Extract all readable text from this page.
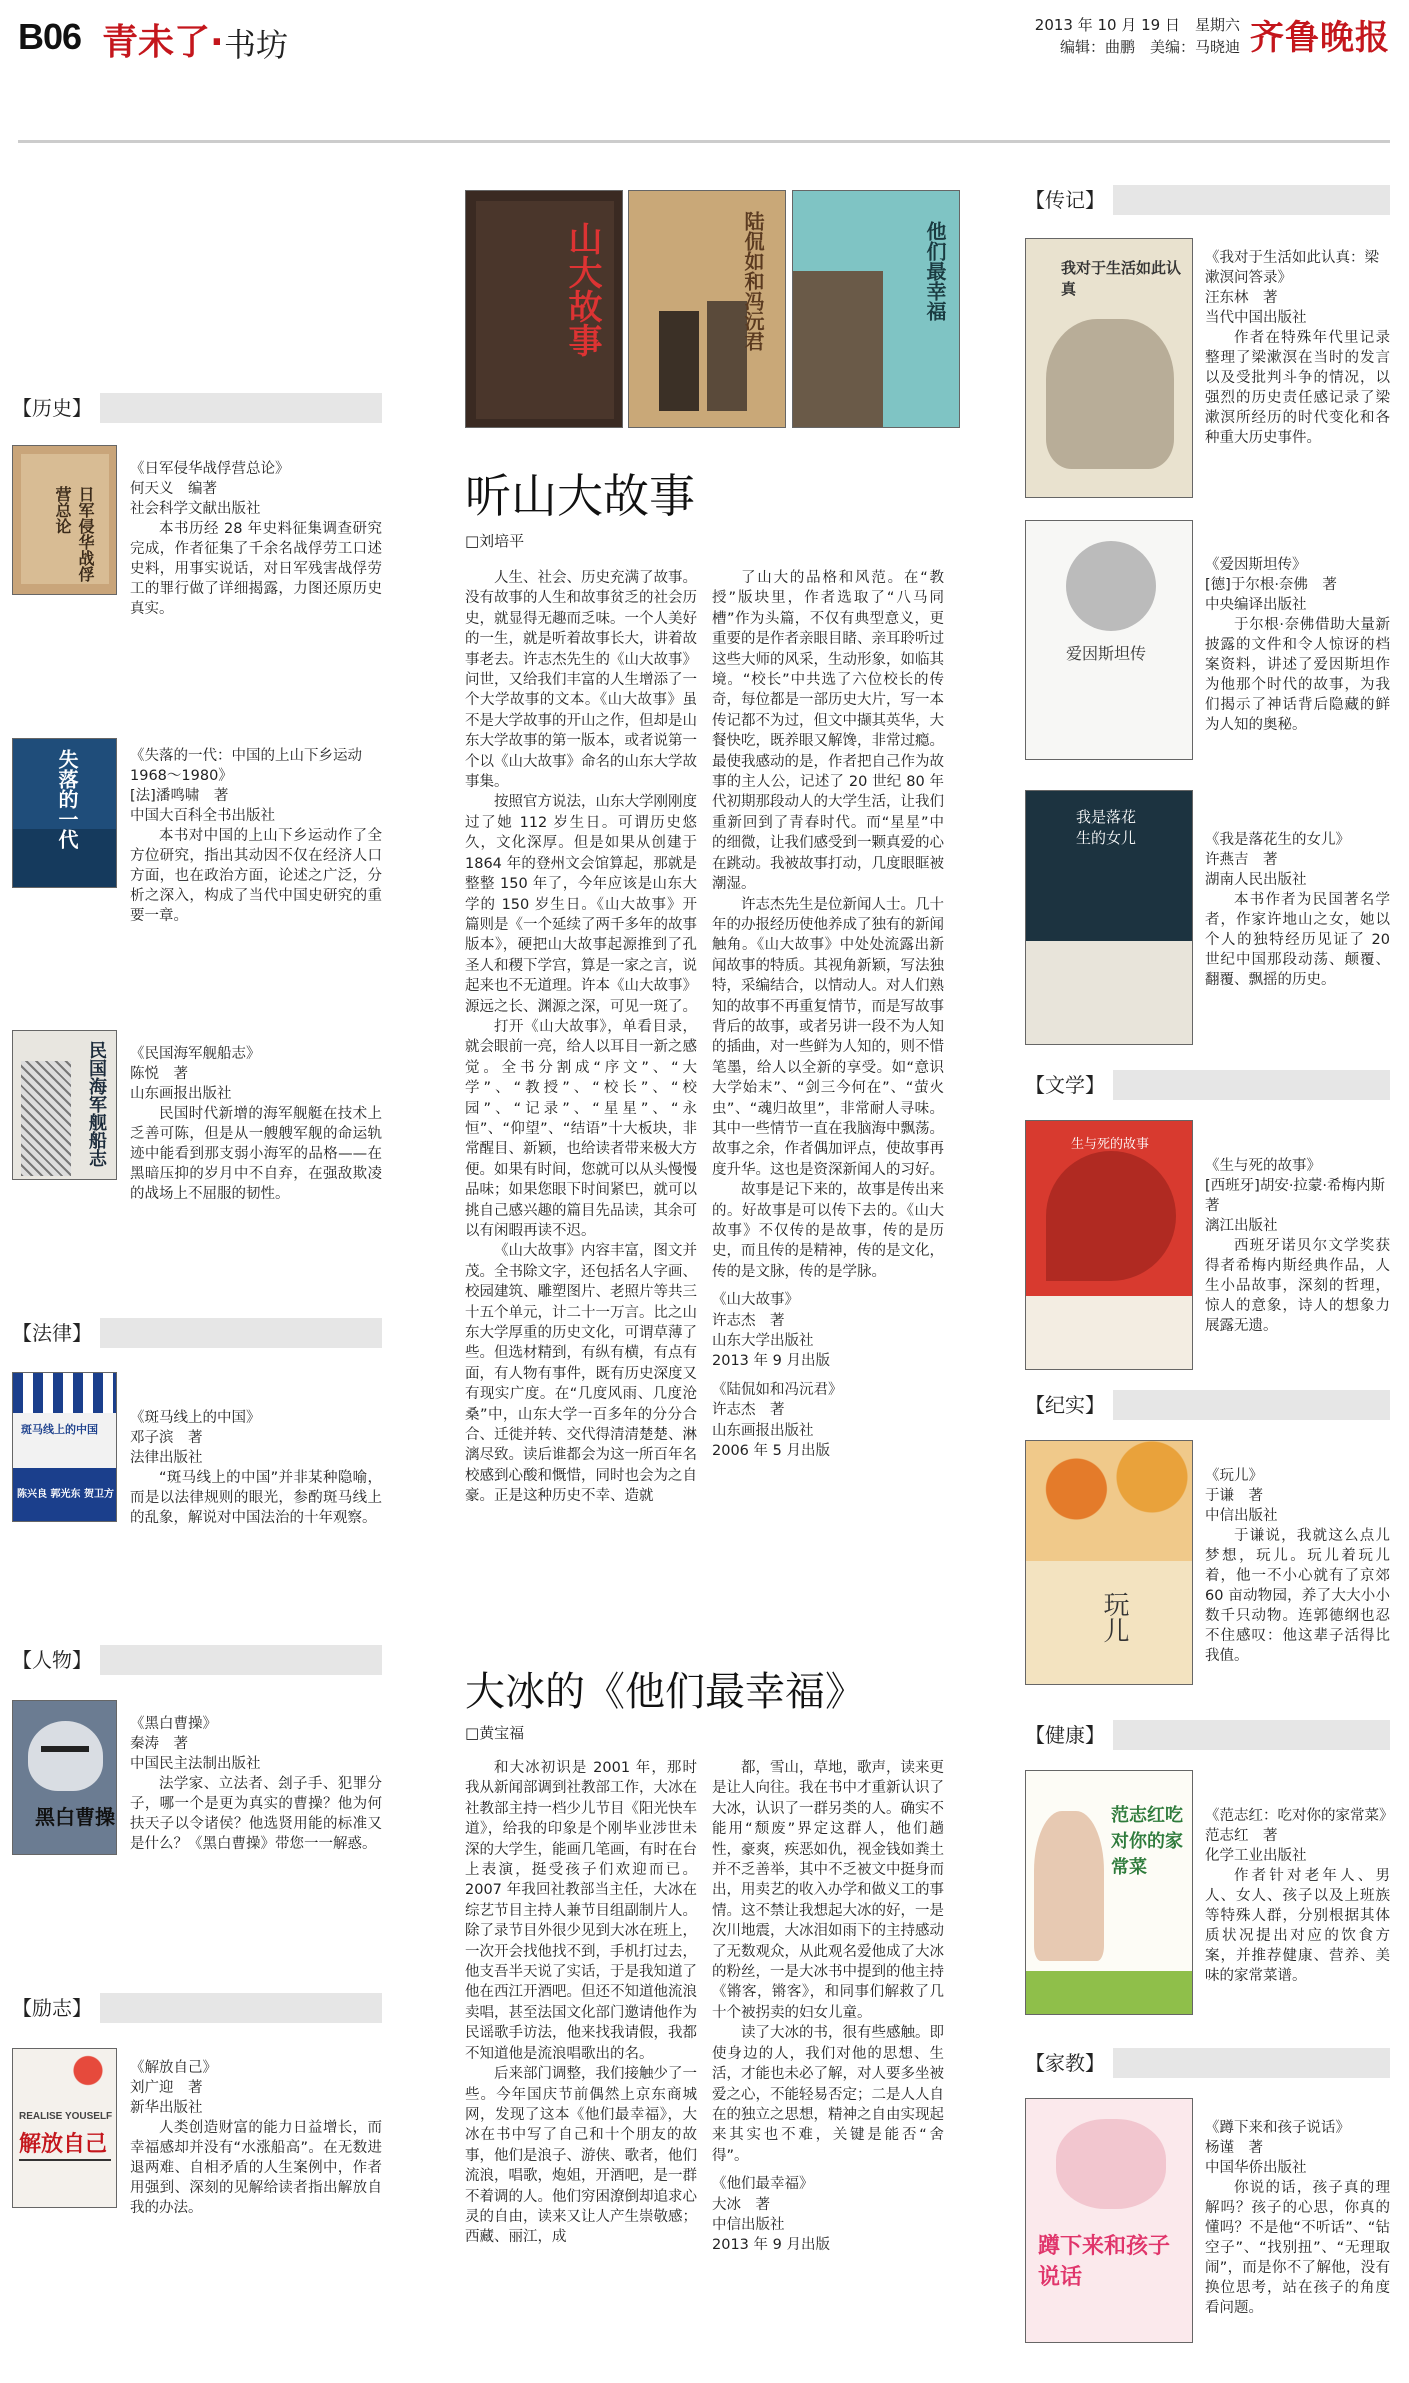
B06 青未了· 书坊
2013 年 10 月 19 日　星期六
编辑：曲鹏　美编：马晓迪 齐鲁晚报
【历史】
日军侵华战俘营总论
《日军侵华战俘营总论》
何天义　编著
社会科学文献出版社
本书历经 28 年史料征集调查研究完成，作者征集了千余名战俘劳工口述史料，用事实说话，对日军残害战俘劳工的罪行做了详细揭露，力图还原历史真实。
失落的一代	《失落的一代：中国的上山下乡运动 1968～1980》
[法]潘鸣啸　著
中国大百科全书出版社
本书对中国的上山下乡运动作了全方位研究，指出其动因不仅在经济人口方面，也在政治方面，论述之广泛，分析之深入，构成了当代中国史研究的重要一章。
民国海军舰船志 《民国海军舰船志》
陈悦　著
山东画报出版社
民国时代新增的海军舰艇在技术上乏善可陈，但是从一艘艘军舰的命运轨迹中能看到那支弱小海军的品格——在黑暗压抑的岁月中不自弃，在强敌欺凌的战场上不屈服的韧性。
【法律】
斑马线上的中国
陈兴良 郭光东 贺卫方
《斑马线上的中国》
邓子滨　著
法律出版社
“斑马线上的中国”并非某种隐喻，而是以法律规则的眼光，参酌斑马线上的乱象，解说对中国法治的十年观察。
【人物】
黑白曹操
《黑白曹操》
秦涛　著
中国民主法制出版社
法学家、立法者、刽子手、犯罪分子，哪一个是更为真实的曹操？他为何扶天子以令诸侯？他选贤用能的标准又是什么？《黑白曹操》带您一一解惑。
【励志】
REALISE YOUSELF
解放自己
《解放自己》
刘广迎　著
新华出版社
人类创造财富的能力日益增长，而幸福感却并没有“水涨船高”。在无数进退两难、自相矛盾的人生案例中，作者用强到、深刻的见解给读者指出解放自我的办法。
山大故事	陆侃如和冯沅君	他们最幸福
听山大故事
□刘培平

人生、社会、历史充满了故事。没有故事的人生和故事贫乏的社会历史，就显得无趣而乏味。一个人美好的一生，就是听着故事长大，讲着故事老去。许志杰先生的《山大故事》问世，又给我们丰富的人生增添了一个大学故事的文本。《山大故事》虽不是大学故事的开山之作，但却是山东大学故事的第一版本，或者说第一个以《山大故事》命名的山东大学故事集。

按照官方说法，山东大学刚刚度过了她 112 岁生日。可谓历史悠久，文化深厚。但是如果从创建于 1864 年的登州文会馆算起，那就是整整 150 年了，今年应该是山东大学的 150 岁生日。《山大故事》开篇则是《一个延续了两千多年的故事版本》，硬把山大故事起源推到了孔圣人和稷下学宫，算是一家之言，说起来也不无道理。许本《山大故事》源远之长、渊源之深，可见一斑了。

打开《山大故事》，单看目录，就会眼前一亮，给人以耳目一新之感觉。全书分割成“序文”、“大学”、“教授”、“校长”、“校园”、“记录”、“星星”、“永恒”、“仰望”、“结语”十大板块，非常醒目、新颖，也给读者带来极大方便。如果有时间，您就可以从头慢慢品味；如果您眼下时间紧巴，就可以挑自己感兴趣的篇目先品读，其余可以有闲暇再读不迟。

《山大故事》内容丰富，图文并茂。全书除文字，还包括名人字画、校园建筑、雕塑图片、老照片等共三十五个单元，计二十一万言。比之山东大学厚重的历史文化，可谓草薄了些。但选材精到，有纵有横，有点有面，有人物有事件，既有历史深度又有现实广度。在“几度风雨、几度沧桑”中，山东大学一百多年的分分合合、迁徙并转、交代得清清楚楚、淋漓尽致。读后谁都会为这一所百年名校感到心酸和慨惜，同时也会为之自豪。正是这种历史不幸、造就

了山大的品格和风范。在“教授”版块里，作者选取了“八马同槽”作为头篇，不仅有典型意义，更重要的是作者亲眼目睹、亲耳聆听过这些大师的风采，生动形象，如临其境。“校长”中共选了六位校长的传奇，每位都是一部历史大片，写一本传记都不为过，但文中撷其英华，大餐快吃，既养眼又解馋，非常过瘾。最使我感动的是，作者把自己作为故事的主人公，记述了 20 世纪 80 年代初期那段动人的大学生活，让我们重新回到了青春时代。而“星星”中的细微，让我们感受到一颗真爱的心在跳动。我被故事打动，几度眼眶被潮湿。

许志杰先生是位新闻人士。几十年的办报经历使他养成了独有的新闻触角。《山大故事》中处处流露出新闻故事的特质。其视角新颖，写法独特，采编结合，以情动人。对人们熟知的故事不再重复情节，而是写故事背后的故事，或者另讲一段不为人知的插曲，对一些鲜为人知的，则不惜笔墨，给人以全新的享受。如“意识大学始末”、“剑三今何在”、“萤火虫”、“魂归故里”，非常耐人寻味。其中一些情节一直在我脑海中飘荡。故事之余，作者偶加评点，使故事再度升华。这也是资深新闻人的习好。

故事是记下来的，故事是传出来的。好故事是可以传下去的。《山大故事》不仅传的是故事，传的是历史，而且传的是精神，传的是文化，传的是文脉，传的是学脉。

《山大故事》

许志杰　著

山东大学出版社

2013 年 9 月出版

《陆侃如和冯沅君》

许志杰　著

山东画报出版社

2006 年 5 月出版

大冰的《他们最幸福》
□黄宝福

和大冰初识是 2001 年，那时我从新闻部调到社教部工作，大冰在社教部主持一档少儿节目《阳光快车道》，给我的印象是个刚毕业涉世未深的大学生，能画几笔画，有时在台上表演，挺受孩子们欢迎而已。2007 年我回社教部当主任，大冰在综艺节目主持人兼节目组副制片人。除了录节目外很少见到大冰在班上，一次开会找他找不到，手机打过去，他支吾半天说了实话，于是我知道了他在西江开酒吧。但还不知道他流浪卖唱，甚至法国文化部门邀请他作为民谣歌手访法，他来找我请假，我都不知道他是流浪唱歌出的名。

后来部门调整，我们接触少了一些。今年国庆节前偶然上京东商城网，发现了这本《他们最幸福》，大冰在书中写了自己和十个朋友的故事，他们是浪子、游侠、歌者，他们流浪，唱歌，炮姐，开酒吧，是一群不着调的人。他们穷困潦倒却追求心灵的自由，读来又让人产生崇敬感；西藏、丽江，成

都，雪山，草地，歌声，读来更是让人向往。我在书中才重新认识了大冰，认识了一群另类的人。确实不能用“颓废”界定这群人，他们趟性，豪爽，疾恶如仇，视金钱如粪土并不乏善举，其中不乏被文中挺身而出，用卖艺的收入办学和做义工的事情。这不禁让我想起大冰的好，一是次川地震，大冰泪如雨下的主持感动了无数观众，从此观名爱他成了大冰的粉丝，一是大冰书中提到的他主持《锵客，锵客》，和同事们解救了几十个被拐卖的妇女儿童。

读了大冰的书，很有些感触。即使身边的人，我们对他的思想、生活，才能也未必了解，对人要多坐被爱之心，不能轻易否定；二是人人自在的独立之思想，精神之自由实现起来其实也不难，关键是能否“舍得”。

《他们最幸福》

大冰　著

中信出版社

2013 年 9 月出版

【传记】
我对于生活如此认真
《我对于生活如此认真：梁漱溟问答录》
汪东林　著
当代中国出版社
作者在特殊年代里记录整理了梁漱溟在当时的发言以及受批判斗争的情况，以强烈的历史责任感记录了梁漱溟所经历的时代变化和各种重大历史事件。
爱因斯坦传
《爱因斯坦传》
[德]于尔根·奈佛　著
中央编译出版社
于尔根·奈佛借助大量新披露的文件和令人惊讶的档案资料，讲述了爱因斯坦作为他那个时代的故事，为我们揭示了神话背后隐藏的鲜为人知的奥秘。
我是落花生的女儿	《我是落花生的女儿》
许燕吉　著
湖南人民出版社
本书作者为民国著名学者，作家许地山之女，她以个人的独特经历见证了 20 世纪中国那段动荡、颠覆、翻覆、飘摇的历史。
【文学】
生与死的故事
《生与死的故事》
[西班牙]胡安·拉蒙·希梅内斯　著
漓江出版社
西班牙诺贝尔文学奖获得者希梅内斯经典作品，人生小品故事，深刻的哲理，惊人的意象，诗人的想象力展露无遗。
【纪实】
玩儿
《玩儿》
于谦　著
中信出版社
于谦说，我就这么点儿梦想，玩儿。玩儿着玩儿着，他一不小心就有了京郊 60 亩动物园，养了大大小小数千只动物。连郭德纲也忍不住感叹：他这辈子活得比我值。
【健康】
范志红吃对你的家常菜
《范志红：吃对你的家常菜》
范志红　著
化学工业出版社
作者针对老年人、男人、女人、孩子以及上班族等特殊人群，分别根据其体质状况提出对应的饮食方案，并推荐健康、营养、美味的家常菜谱。
【家教】
蹲下来和孩子说话
《蹲下来和孩子说话》
杨谨　著
中国华侨出版社
你说的话，孩子真的理解吗？孩子的心思，你真的懂吗？不是他“不听话”、“钻空子”、“找别扭”、“无理取闹”，而是你不了解他，没有换位思考，站在孩子的角度看问题。
